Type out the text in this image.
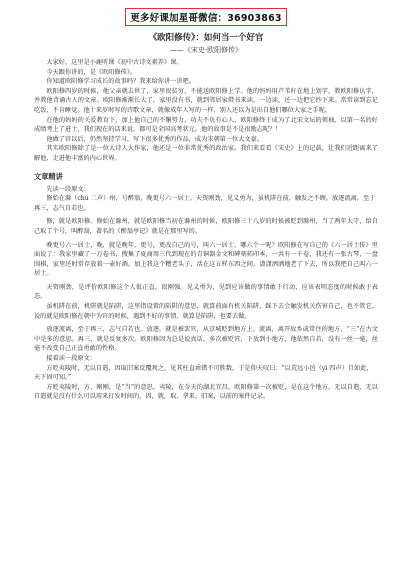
更多好课加星哥微信：36903863
《欧阳修传》：如何当一个好官
——《宋史·欧阳修传》

大家好，这里是小鹿听课《初中古诗文素养》课。

今天跟你讲的，是《欧阳修传》。

你知道欧阳修学习成长的故事吗？我来给你讲一讲吧。

欧阳修四岁的时候，他父亲就去世了，家里很贫穷，不能送欧阳修上学。他的妈妈用芦苇秆在地上划字，教欧阳修认字，并教他背诵古人的文章。欧阳修渐渐长大了，家里没有书，就到邻居家借书来读，一边读，还一边把它抄下来。常常读到忘记吃饭、不肯睡觉。他十来岁时写的诗歌文章，就像成年人写的一样，别人还以为是出自他们哪位大家之手呢。

在他的妈妈的关爱教育下，加上他自己的不懈努力，功夫不负有心人，欧阳修终于成为了北宋文坛的领袖，以第一名的好成绩考上了进士，我们现在的话来说，都可是全国高考状元。他的故事是不是很励志呢？！

他做了官以后，仍然坚持学习，写下很多优秀的作品，成为宋朝第一位大文豪。

其实欧阳修除了是一位大诗人大作家，他还是一位非常优秀的政治家。我们来看看《宋史》上的记载，让我们近距离来了解他，走进他丰富的内心世界。

文章精讲

先读一段原文：

修始在滁（chú 二声）州，号醉翁，晚更号六一居士。天资刚劲，见义勇为，虽机阱在前，触发之不顾。放逐流离，至于再三，志气自若也。

修，就是欧阳修。修始在滁州，就是欧阳修当初在滁州的时候，欧阳修三十八岁的时候被贬到滁州，当了两年太守，给自己取了个号，叫醉翁，著名的《醉翁亭记》就是在那里写的。

晚更号六一居士，晚，就是晚年，更号，更改自己的号，叫六一居士。哪六个一呢？欧阳修在写自己的《六一居士传》里面说了：我家里藏了一万卷书，搜集了夏商周三代到现在的青铜器金文和碑刻拓印本，一共有一千卷，我还有一张古琴，一盘围棋，家里还时常存放着一壶好酒。加上我这个糟老头子，活在这五样东西之间，潇潇洒洒地老了下去，所以我把自己叫六一居士。

天资刚劲，是评价欧阳修这个人很正直，很刚强。见义勇为，见到应该做的事情敢于行动，应该表明态度的时候敢于表态。

虽机阱在前，机阱就是陷阱，这里指设置的陷阱的意思，就算前面有机关陷阱，踩下去会触发机关伤害自己，也不管它。说的就是欧阳修在朝中为官的时候，遇到不好的事情，就算是陷阱，也要去做。

放逐流离，至于再三，志气自若也。放逐，就是被罢官，从京城贬到地方上。流离，离开故乡或常住的地方，“三”在古文中是多的意思。再三，就是反复多次。欧阳修因为总是说真话，多次被贬官，下放到小地方，他依然自若，没有一丝一毫，丝毫不改变自己正直勇敢的性格。

接着读一段原文：

方贬夷陵时，无以自遣，因取旧案反覆观之，见其枉直乖错不可胜数，于是仰天叹曰：“以荒远小邑（yì 四声）且如此，天下固可知。”

方贬夷陵时，方，刚刚，是“当”的意思，夷陵，在今天的湖北宜昌，欧阳修第一次被贬，是在这个地方。无以自遣，无以自遣就是没有什么可以用来打发时间的，因，就，取，拿来。旧案，以前的案件记录。
